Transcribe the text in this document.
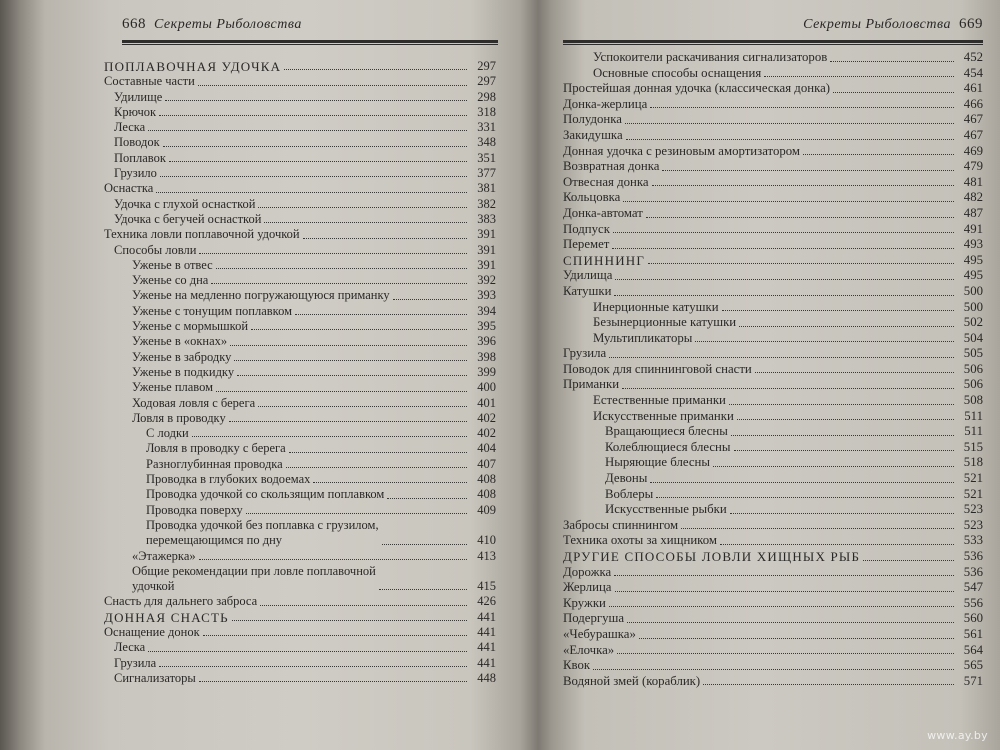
668 Секреты Рыболовства
ПОПЛАВОЧНАЯ УДОЧКА	297
Составные части	297
Удилище	298
Крючок	318
Леска	331
Поводок	348
Поплавок	351
Грузило	377
Оснастка	381
Удочка с глухой оснасткой	382
Удочка с бегучей оснасткой	383
Техника ловли поплавочной удочкой	391
Способы ловли	391
Уженье в отвес	391
Уженье со дна	392
Уженье на медленно погружающуюся приманку	393
Уженье с тонущим поплавком	394
Уженье с мормышкой	395
Уженье в «окнах»	396
Уженье в забродку	398
Уженье в подкидку	399
Уженье плавом	400
Ходовая ловля с берега	401
Ловля в проводку	402
С лодки	402
Ловля в проводку с берега	404
Разноглубинная проводка	407
Проводка в глубоких водоемах	408
Проводка удочкой со скользящим поплавком	408
Проводка поверху	409
Проводка удочкой без поплавка с грузилом,
перемещающимся по дну	410
«Этажерка»	413
Общие рекомендации при ловле поплавочной
удочкой	415
Снасть для дальнего заброса	426
ДОННАЯ СНАСТЬ	441
Оснащение донок	441
Леска	441
Грузила	441
Сигнализаторы	448
Секреты Рыболовства 669
Успокоители раскачивания сигнализаторов	452
Основные способы оснащения	454
Простейшая донная удочка (классическая донка)	461
Донка-жерлица	466
Полудонка	467
Закидушка	467
Донная удочка с резиновым амортизатором	469
Возвратная донка	479
Отвесная донка	481
Кольцовка	482
Донка-автомат	487
Подпуск	491
Перемет	493
СПИННИНГ	495
Удилища	495
Катушки	500
Инерционные катушки	500
Безынерционные катушки	502
Мультипликаторы	504
Грузила	505
Поводок для спиннинговой снасти	506
Приманки	506
Естественные приманки	508
Искусственные приманки	511
Вращающиеся блесны	511
Колеблющиеся блесны	515
Ныряющие блесны	518
Девоны	521
Воблеры	521
Искусственные рыбки	523
Забросы спиннингом	523
Техника охоты за хищником	533
ДРУГИЕ СПОСОБЫ ЛОВЛИ ХИЩНЫХ РЫБ	536
Дорожка	536
Жерлица	547
Кружки	556
Подергуша	560
«Чебурашка»	561
«Елочка»	564
Квок	565
Водяной змей (кораблик)	571
www.ay.by
